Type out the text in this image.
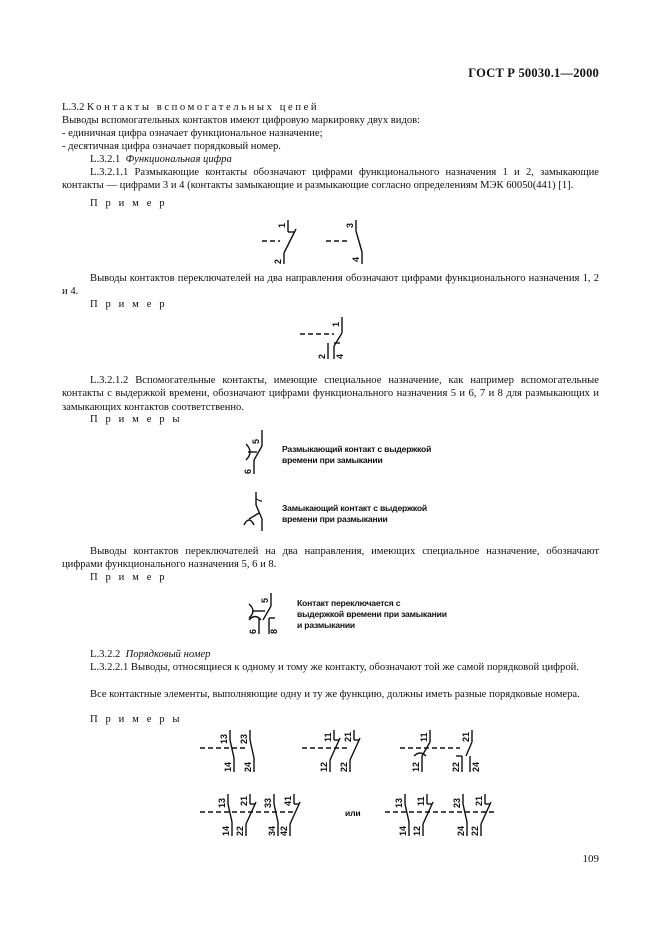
ГОСТ Р 50030.1—2000

L.3.2 Контакты вспомогательных цепей

Выводы вспомогательных контактов имеют цифровую маркировку двух видов:

- единичная цифра означает функциональное назначение;

- десятичная цифра означает порядковый номер.

L.3.2.1 Функциональная цифра

L.3.2.1.1 Размыкающие контакты обозначают цифрами функционального назначения 1 и 2, замыкающие контакты — цифрами 3 и 4 (контакты замыкающие и размыкающие согласно определениям МЭК 60050(441) [1].

П р и м е р

1
2
3
4

Выводы контактов переключателей на два направления обозначают цифрами функционального назначения 1, 2 и 4.

П р и м е р

1
2 4

L.3.2.1.2 Вспомогательные контакты, имеющие специальное назначение, как например вспомогательные контакты с выдержкой времени, обозначают цифрами функционального назначения 5 и 6, 7 и 8 для размыкающих и замыкающих контактов соответственно.

П р и м е р ы

5
6

Размыкающий контакт с выдержкой времени при замыкании

7

Замыкающий контакт с выдержкой времени при размыкании

Выводы контактов переключателей на два направления, имеющих специальное назначение, обозначают цифрами функционального назначения 5, 6 и 8.

П р и м е р

5
6 8

Контакт переключается с выдержкой времени при замыкании и размыкании

L.3.2.2 Порядковый номер

L.3.2.2.1 Выводы, относящиеся к одному и тому же контакту, обозначают той же самой порядковой цифрой.

Все контактные элементы, выполняющие одну и ту же функцию, должны иметь разные порядковые номера.

П р и м е р ы

13
14
23
24
11
12
21
22
11
12
21
22 24
13
14
21
22
33
34
41
42

или

13
14
11
12
23
24
21
22
109
